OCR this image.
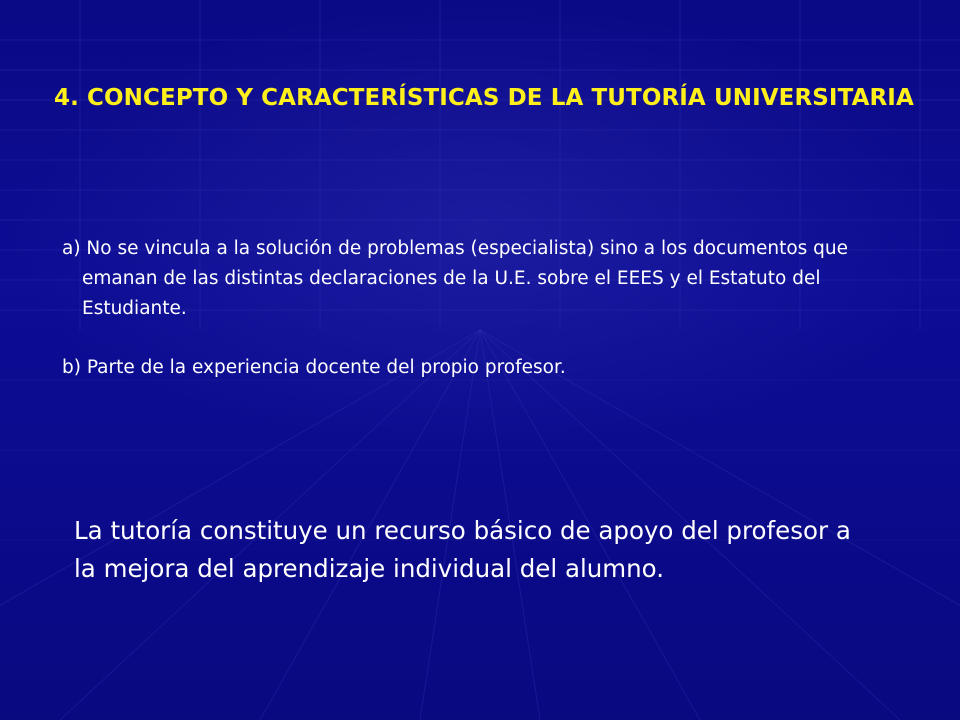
4. CONCEPTO Y CARACTERÍSTICAS DE LA TUTORÍA UNIVERSITARIA

a) No se vincula a la solución de problemas (especialista) sino a los documentos que emanan de las distintas declaraciones de la U.E. sobre el EEES y el Estatuto del Estudiante.

b) Parte de la experiencia docente del propio profesor.

La tutoría constituye un recurso básico de apoyo del profesor a la mejora del aprendizaje individual del alumno.
